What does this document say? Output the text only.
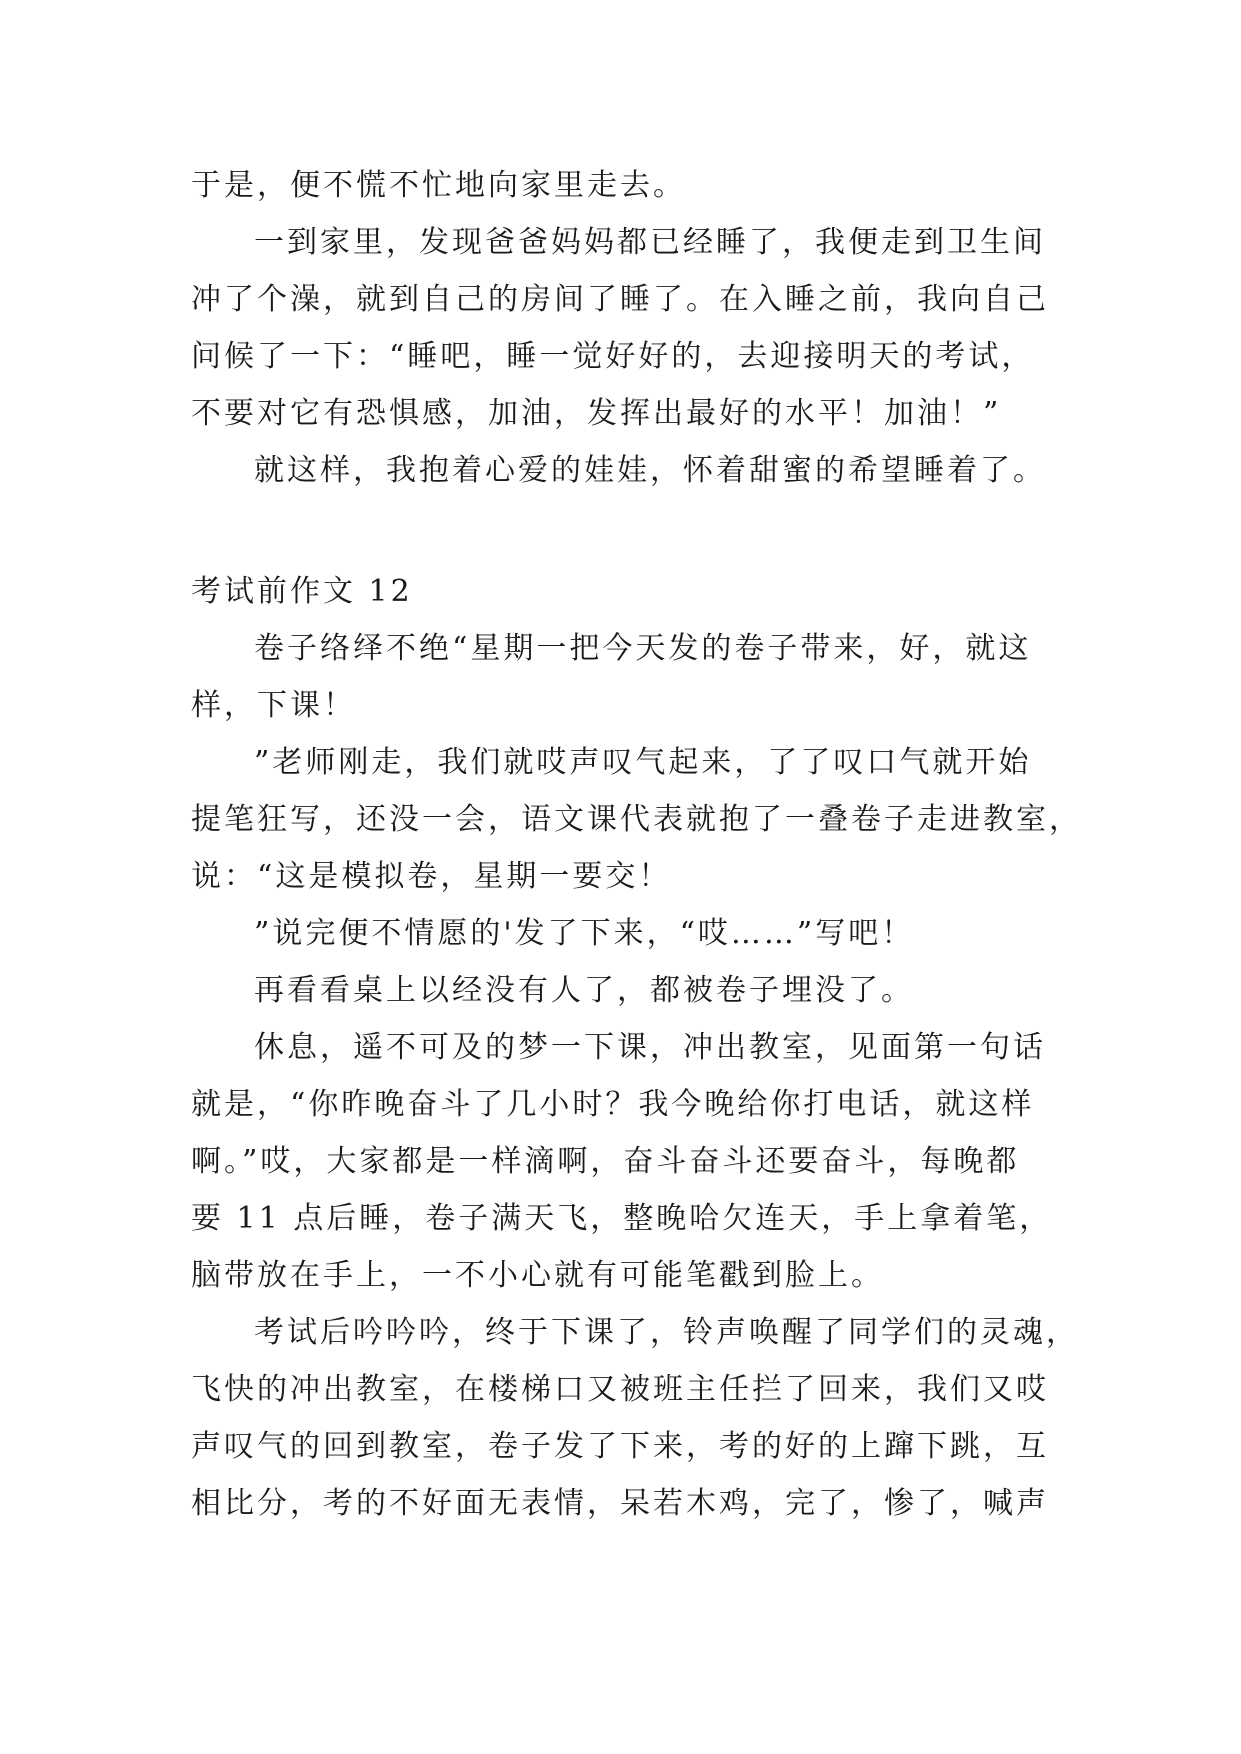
于是，便不慌不忙地向家里走去。

一到家里，发现爸爸妈妈都已经睡了，我便走到卫生间

冲了个澡，就到自己的房间了睡了。在入睡之前，我向自己

问候了一下：“睡吧，睡一觉好好的，去迎接明天的考试，

不要对它有恐惧感，加油，发挥出最好的水平！加油！”

就这样，我抱着心爱的娃娃，怀着甜蜜的希望睡着了。

考试前作文 12

卷子络绎不绝“星期一把今天发的卷子带来，好，就这

样，下课！

”老师刚走，我们就哎声叹气起来，了了叹口气就开始

提笔狂写，还没一会，语文课代表就抱了一叠卷子走进教室，

说：“这是模拟卷，星期一要交！

”说完便不情愿的'发了下来，“哎……”写吧！

再看看桌上以经没有人了，都被卷子埋没了。

休息，遥不可及的梦一下课，冲出教室，见面第一句话

就是，“你昨晚奋斗了几小时？我今晚给你打电话，就这样

啊。”哎，大家都是一样滴啊，奋斗奋斗还要奋斗，每晚都

要 11 点后睡，卷子满天飞，整晚哈欠连天，手上拿着笔，

脑带放在手上，一不小心就有可能笔戳到脸上。

考试后吟吟吟，终于下课了，铃声唤醒了同学们的灵魂，

飞快的冲出教室，在楼梯口又被班主任拦了回来，我们又哎

声叹气的回到教室，卷子发了下来，考的好的上蹿下跳，互

相比分，考的不好面无表情，呆若木鸡，完了，惨了，喊声
